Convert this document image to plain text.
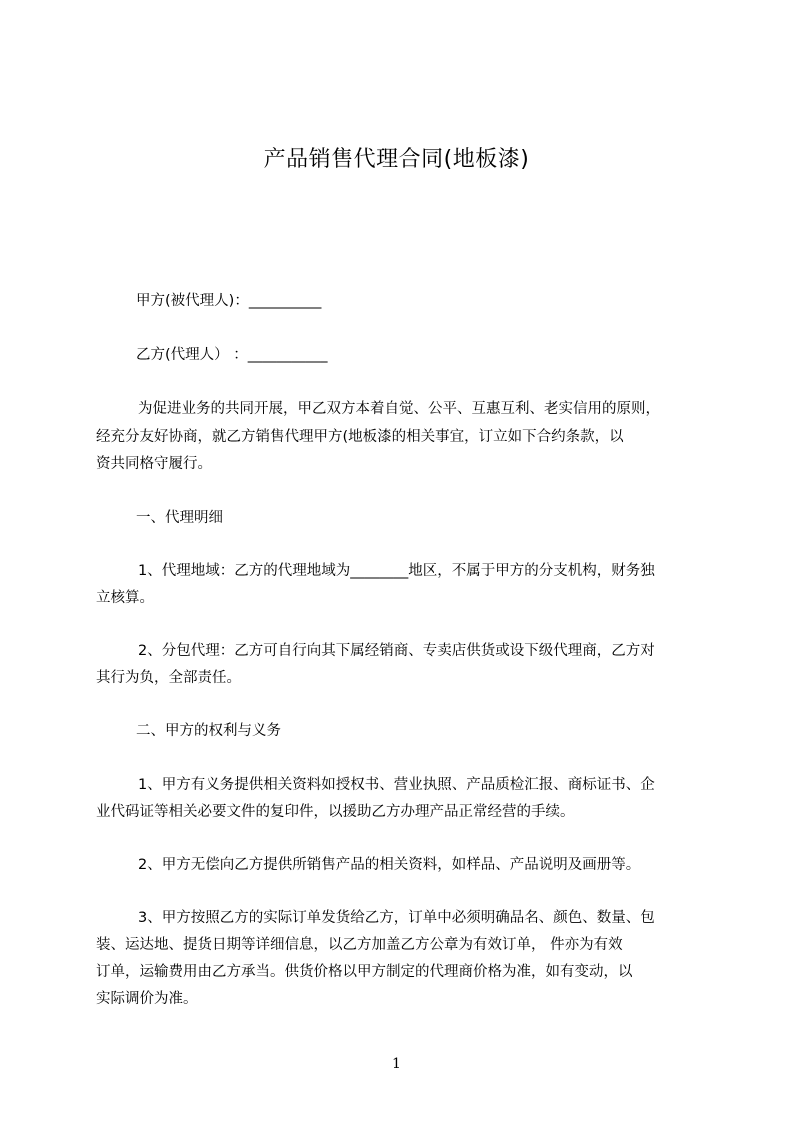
产品销售代理合同(地板漆)
甲方(被代理人)：__________
乙方(代理人） ：___________
为促进业务的共同开展，甲乙双方本着自觉、公平、互惠互利、老实信用的原则，
经充分友好协商，就乙方销售代理甲方(地板漆的相关事宜，订立如下合约条款，以
资共同格守履行。
一、代理明细
1、代理地域：乙方的代理地域为________地区，不属于甲方的分支机构，财务独
立核算。
2、分包代理：乙方可自行向其下属经销商、专卖店供货或设下级代理商，乙方对
其行为负，全部责任。
二、甲方的权利与义务
1、甲方有义务提供相关资料如授权书、营业执照、产品质检汇报、商标证书、企
业代码证等相关必要文件的复印件，以援助乙方办理产品正常经营的手续。
2、甲方无偿向乙方提供所销售产品的相关资料，如样品、产品说明及画册等。
3、甲方按照乙方的实际订单发货给乙方，订单中必须明确品名、颜色、数量、包
装、运达地、提货日期等详细信息，以乙方加盖乙方公章为有效订单， 件亦为有效
订单，运输费用由乙方承当。供货价格以甲方制定的代理商价格为准，如有变动，以
实际调价为准。
1
